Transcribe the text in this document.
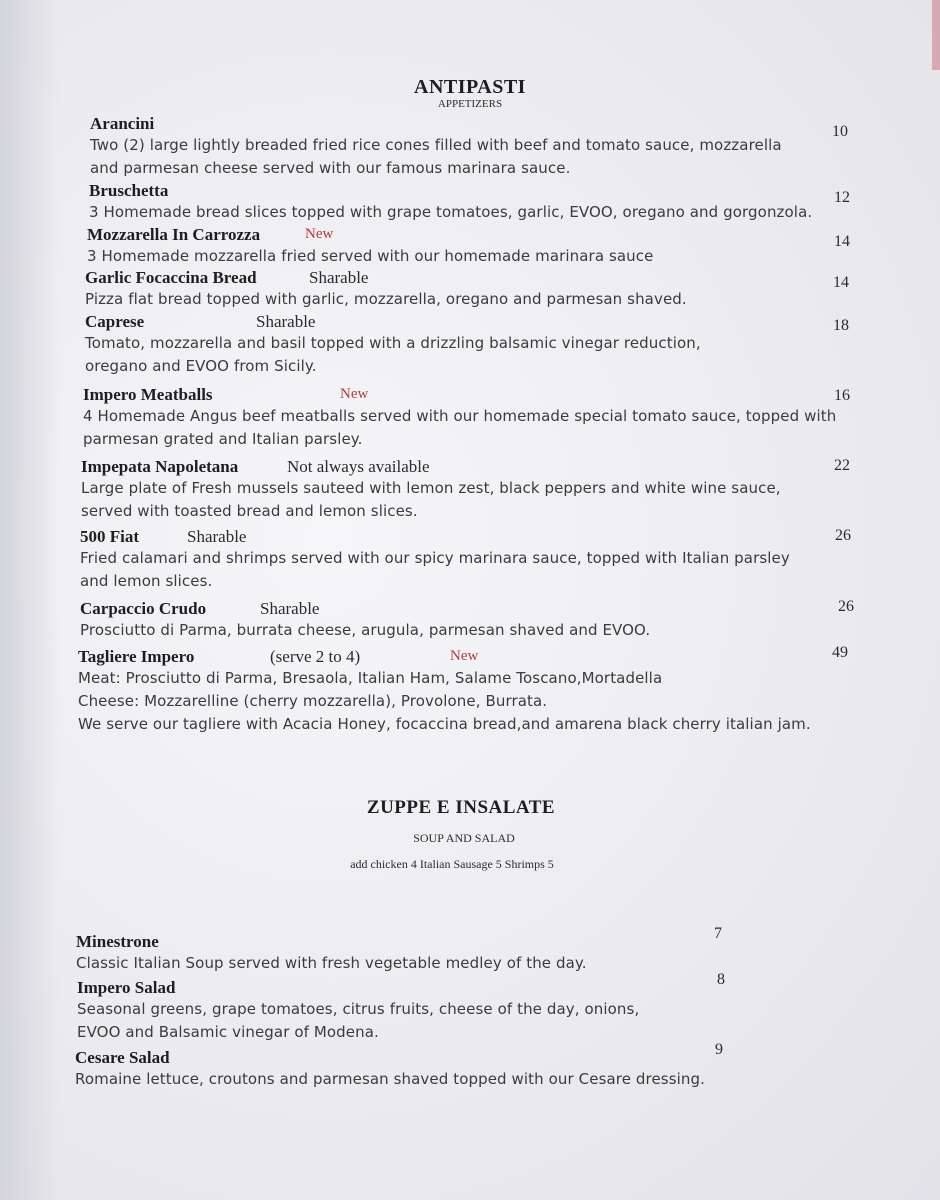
ANTIPASTI
APPETIZERS
Arancini
Two (2) large lightly breaded fried rice cones filled with beef and tomato sauce, mozzarella
and parmesan cheese served with our famous marinara sauce.
10
Bruschetta
3 Homemade bread slices topped with grape tomatoes, garlic, EVOO, oregano and gorgonzola.
12
Mozzarella In Carrozza	New
3 Homemade mozzarella fried served with our homemade marinara sauce
14
Garlic Focaccina Bread	Sharable
Pizza flat bread topped with garlic, mozzarella, oregano and parmesan shaved.
14
Caprese	Sharable
Tomato, mozzarella and basil topped with a drizzling balsamic vinegar reduction,
oregano and EVOO from Sicily.
18
Impero Meatballs	New
4 Homemade Angus beef meatballs served with our homemade special tomato sauce, topped with
parmesan grated and Italian parsley.
16
Impepata Napoletana	Not always available
Large plate of Fresh mussels sauteed with lemon zest, black peppers and white wine sauce,
served with toasted bread and lemon slices.
22
500 Fiat	Sharable
Fried calamari and shrimps served with our spicy marinara sauce, topped with Italian parsley
and lemon slices.
26
Carpaccio Crudo	Sharable
Prosciutto di Parma, burrata cheese, arugula, parmesan shaved and EVOO.
26
Tagliere Impero	(serve 2 to 4)	New
Meat: Prosciutto di Parma, Bresaola, Italian Ham, Salame Toscano,Mortadella
Cheese: Mozzarelline (cherry mozzarella), Provolone, Burrata.
We serve our tagliere with Acacia Honey, focaccina bread,and amarena black cherry italian jam.
49
ZUPPE E INSALATE
SOUP AND SALAD
add chicken 4 Italian Sausage 5 Shrimps 5
Minestrone
Classic Italian Soup served with fresh vegetable medley of the day.
7
Impero Salad
Seasonal greens, grape tomatoes, citrus fruits, cheese of the day, onions,
EVOO and Balsamic vinegar of Modena.
8
Cesare Salad
Romaine lettuce, croutons and parmesan shaved topped with our Cesare dressing.
9
